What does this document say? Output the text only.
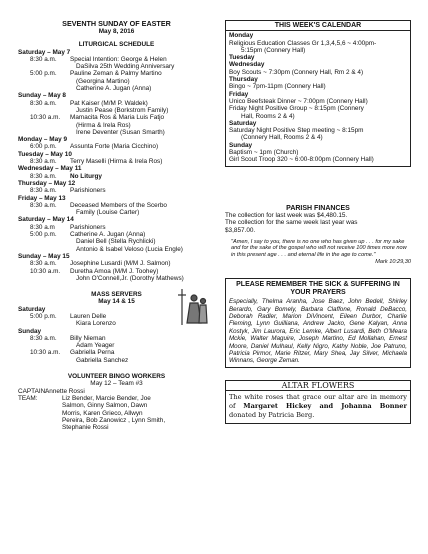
SEVENTH SUNDAY OF EASTER
May 8, 2016
LITURGICAL SCHEDULE
Saturday – May 7
8:30 a.m. Special Intention: George & Helen
DaSilva 25th Wedding Anniversary
5:00 p.m. Pauline Zeman & Palmy Martino
(Georgina Martino)
Catherine A. Jugan (Anna)
Sunday – May 8
8:30 a.m. Pat Kaiser (M/M P. Waldek)
Justin Pease (Borkstrom Family)
10:30 a.m. Mamacita Ros & Maria Luis Fatjo
(Hirma & Irela Ros)
Irene Deventer (Susan Smarth)
Monday – May 9
6:00 p.m. Assunta Forte (Maria Cicchino)
Tuesday – May 10
8:30 a.m. Terry Maselli (Hirma & Irela Ros)
Wednesday – May 11
8:30 a.m. No Liturgy
Thursday – May 12
8:30 a.m. Parishioners
Friday – May 13
8:30 a.m. Deceased Members of the Scerbo
Family (Louise Carter)
Saturday – May 14
8:30 a.m Parishioners
5:00 p.m. Catherine A. Jugan (Anna)
Daniel Bell (Stella Rychlicki)
Antonio & Isabel Veloso (Lucia Engle)
Sunday – May 15
8:30 a.m. Josephine Lusardi (M/M J. Salmon)
10:30 a.m. Duretha Amoa (M/M J. Toohey)
John O'Connell,Jr. (Dorothy Mathews)
MASS SERVERS
May 14 & 15
Saturday
5:00 p.m. Lauren Delle
Kiara Lorenzo
Sunday
8:30 a.m. Billy Nieman
Adam Yeager
10:30 a.m. Gabriella Perna
Gabriella Sanchez
VOLUNTEER BINGO WORKERS
May 12 – Team #3
CAPTAIN:Annette Rossi
TEAM:	Liz Bender, Marcie Bender, Joe
Salmon, Ginny Salmon, Dawn
Morris, Karen Grieco, Allwyn
Pereira, Bob Zanowicz , Lynn Smith,
Stephanie Rossi
THIS WEEK'S CALENDAR
Monday
Religious Education Classes Gr 1,3,4,5,6 ~ 4:00pm-
5:15pm (Connery Hall)
Tuesday
Wednesday
Boy Scouts ~ 7:30pm (Connery Hall, Rm 2 & 4)
Thursday
Bingo ~ 7pm-11pm (Connery Hall)
Friday
Unico Beefsteak Dinner ~ 7:00pm (Connery Hall)
Friday Night Positive Group ~ 8:15pm (Connery
Hall, Rooms 2 & 4)
Saturday
Saturday Night Positive Step meeting ~ 8:15pm
(Connery Hall, Rooms 2 & 4)
Sunday
Baptism ~ 1pm (Church)
Girl Scout Troop 320 ~ 6:00-8:00pm (Connery Hall)
PARISH FINANCES
The collection for last week was $4,480.15.
The collection for the same week last year was
$3,857.00.
"Amen, I say to you, there is no one who has given up . . . for my sake and for the sake of the gospel who will not receive 100 times more now in this present age . . . and eternal life in the age to come."
Mark 10:29,30
PLEASE REMEMBER THE SICK & SUFFERING IN YOUR PRAYERS
Especially, Thelma Aranha, Jose Baez, John Bedell, Shirley Berardo, Gary Bomely, Barbara Claffone, Ronald DeBacco, Deborah Radler, Marion DiVincent, Eileen Durbor, Charlie Fleming, Lynn Guilliana, Andrew Jacko, Gene Kalyan, Anna Kostyk, Jim Laurora, Eric Lemke, Albert Lusardi, Beth O'Meara Mckie, Walter Maguire, Joseph Martino, Ed Mollahan, Ernest Moore, Daniel Mulhaul, Kelly Nigro, Kathy Noble, Joe Patruno, Patricia Pirmor, Marie Ritzer, Mary Shea, Jay Silver, Michaela Winnans, George Zeman.
ALTAR FLOWERS
The white roses that grace our altar are in memory of Margaret Hickey and Johanna Bonner donated by Patricia Berg.
